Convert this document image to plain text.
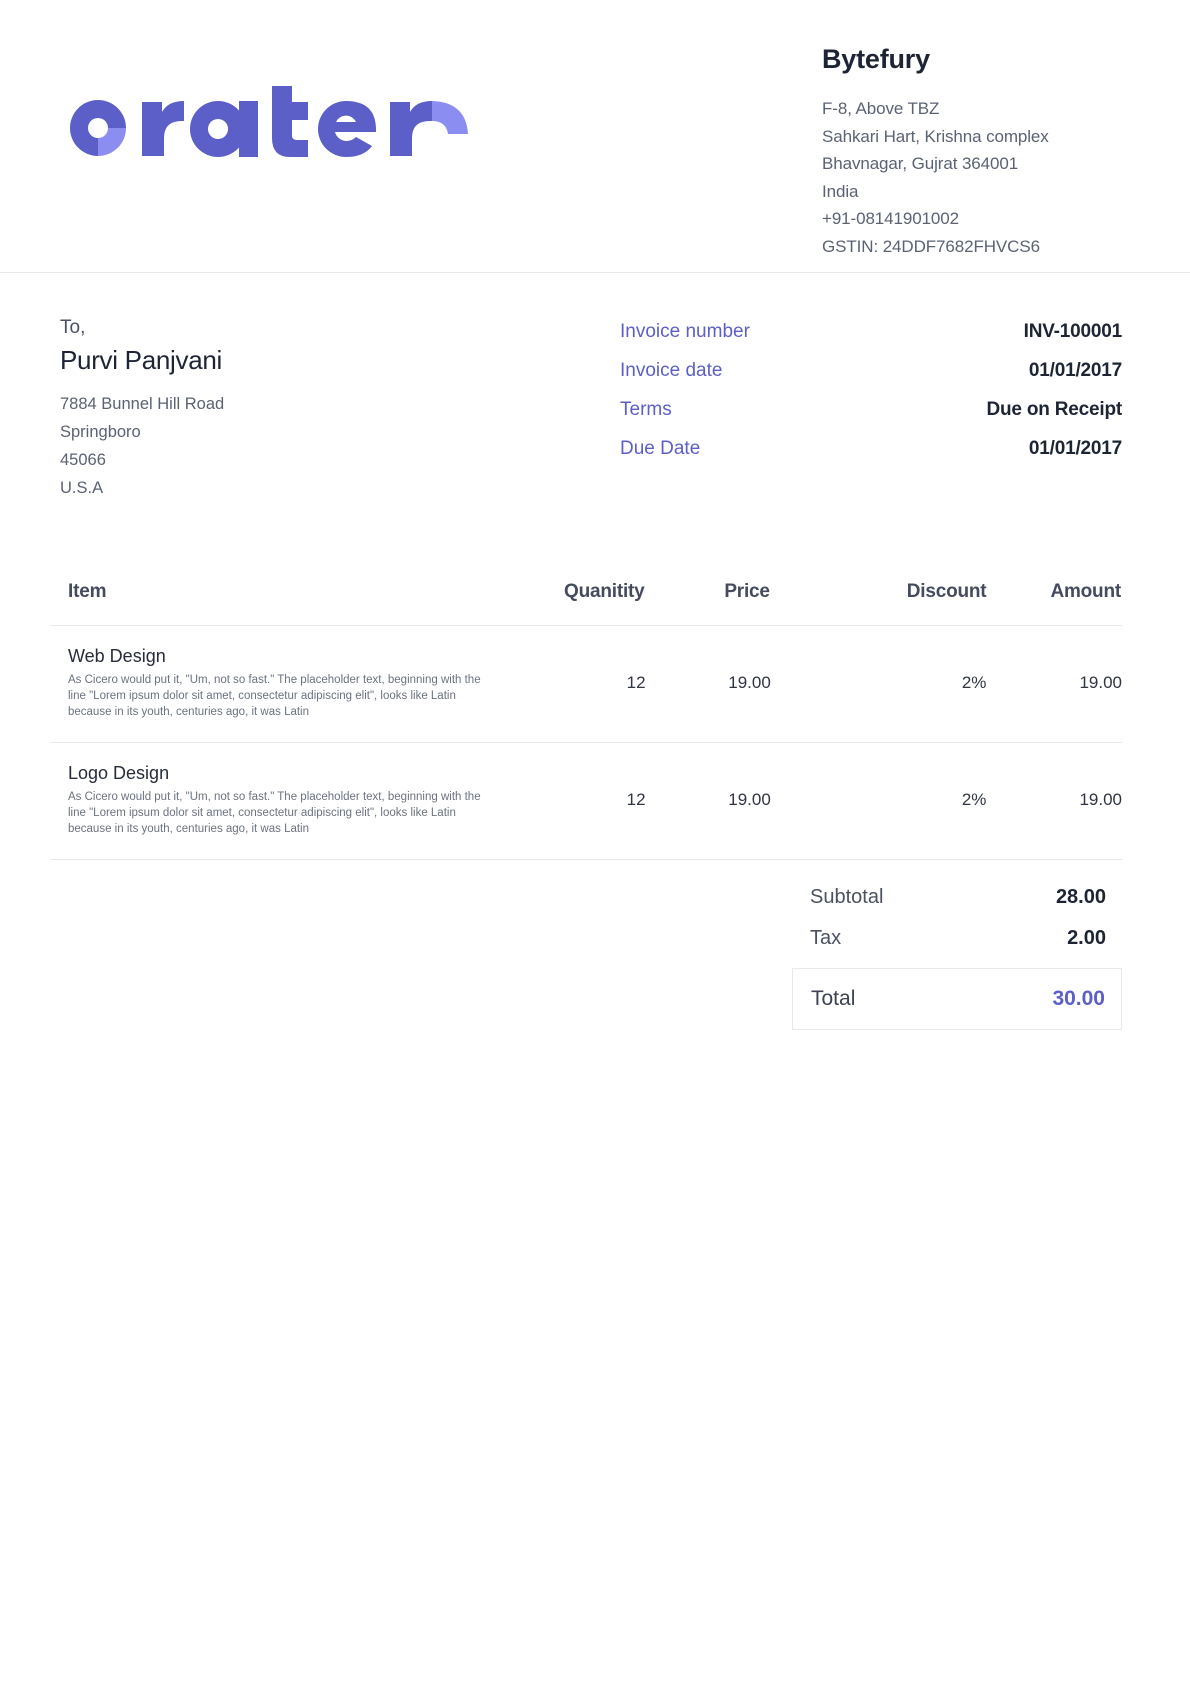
Bytefury
F-8, Above TBZ
Sahkari Hart, Krishna complex
Bhavnagar, Gujrat 364001
India
+91-08141901002
GSTIN: 24DDF7682FHVCS6
To,
Purvi Panjvani
7884 Bunnel Hill Road
Springboro
45066
U.S.A
Invoice number	INV-100001
Invoice date	01/01/2017
Terms	Due on Receipt
Due Date	01/01/2017
Item	Quanitity	Price	Discount	Amount

Web Design
As Cicero would put it, "Um, not so fast." The placeholder text, beginning with the line "Lorem ipsum dolor sit amet, consectetur adipiscing elit", looks like Latin because in its youth, centuries ago, it was Latin	12	19.00	2%	19.00

Logo Design
As Cicero would put it, "Um, not so fast." The placeholder text, beginning with the line "Lorem ipsum dolor sit amet, consectetur adipiscing elit", looks like Latin because in its youth, centuries ago, it was Latin	12	19.00	2%	19.00
Subtotal	28.00
Tax	2.00
Total	30.00
